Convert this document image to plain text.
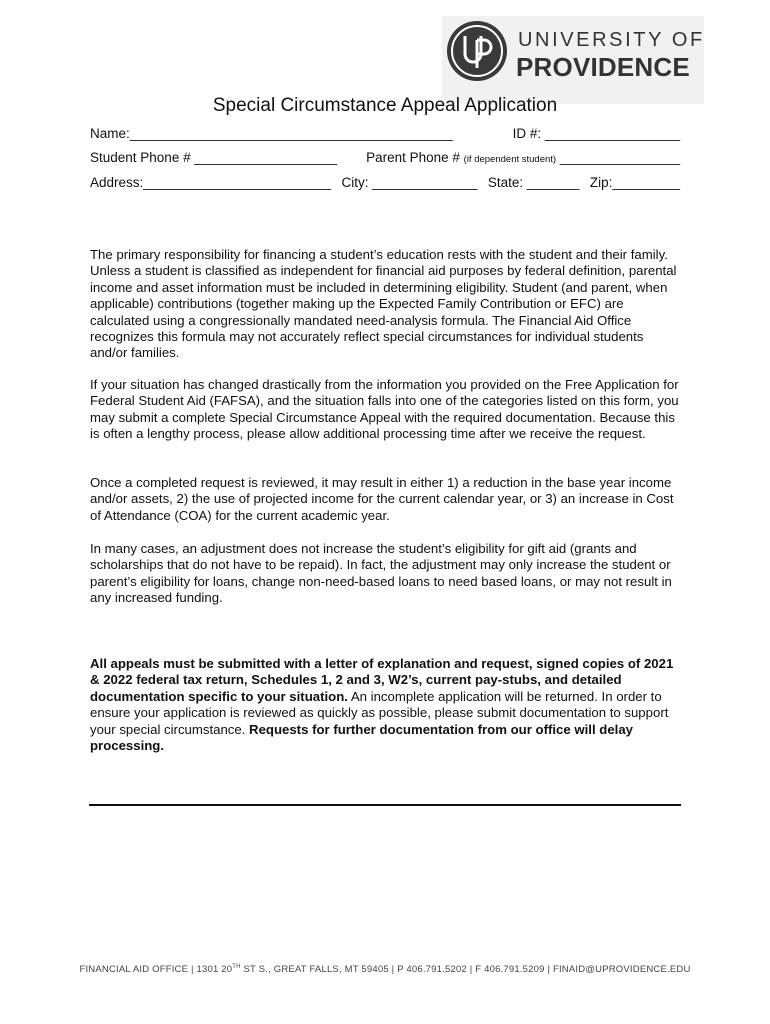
UNIVERSITY OF
PROVIDENCE
Special Circumstance Appeal Application
Name:___________________________________________	ID #: __________________
Student Phone # ___________________ Parent Phone # (if dependent student) ________________
Address:_________________________ City: ______________ State: _______ Zip:_________

The primary responsibility for financing a student’s education rests with the student and their family. Unless a student is classified as independent for financial aid purposes by federal definition, parental income and asset information must be included in determining eligibility. Student (and parent, when applicable) contributions (together making up the Expected Family Contribution or EFC) are calculated using a congressionally mandated need-analysis formula. The Financial Aid Office recognizes this formula may not accurately reflect special circumstances for individual students and/or families.

If your situation has changed drastically from the information you provided on the Free Application for Federal Student Aid (FAFSA), and the situation falls into one of the categories listed on this form, you may submit a complete Special Circumstance Appeal with the required documentation. Because this is often a lengthy process, please allow additional processing time after we receive the request.

Once a completed request is reviewed, it may result in either 1) a reduction in the base year income and/or assets, 2) the use of projected income for the current calendar year, or 3) an increase in Cost of Attendance (COA) for the current academic year.

In many cases, an adjustment does not increase the student’s eligibility for gift aid (grants and scholarships that do not have to be repaid). In fact, the adjustment may only increase the student or parent’s eligibility for loans, change non-need-based loans to need based loans, or may not result in any increased funding.

All appeals must be submitted with a letter of explanation and request, signed copies of 2021 & 2022 federal tax return, Schedules 1, 2 and 3, W2’s, current pay-stubs, and detailed documentation specific to your situation. An incomplete application will be returned. In order to ensure your application is reviewed as quickly as possible, please submit documentation to support your special circumstance. Requests for further documentation from our office will delay processing.

FINANCIAL AID OFFICE | 1301 20TH ST S., GREAT FALLS, MT 59405 | P 406.791.5202 | F 406.791.5209 | FINAID@UPROVIDENCE.EDU
